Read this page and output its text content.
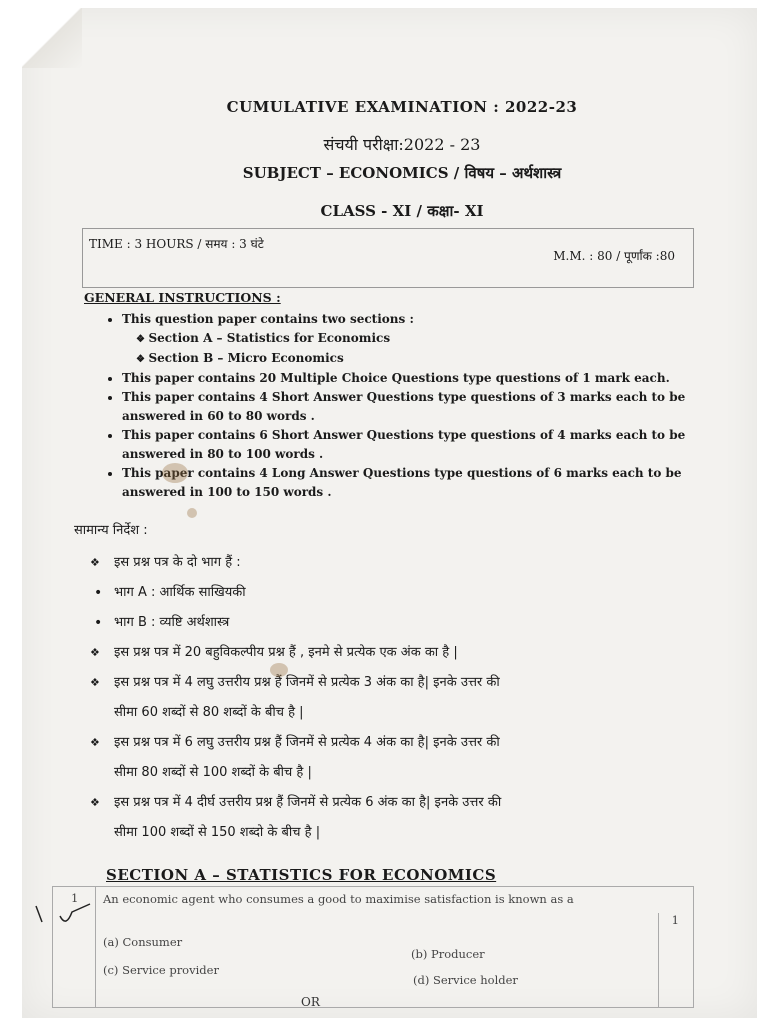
CUMULATIVE EXAMINATION : 2022-23
संचयी परीक्षा:2022 - 23
SUBJECT – ECONOMICS / विषय – अर्थशास्त्र
CLASS - XI / कक्षा- XI
TIME : 3 HOURS / समय : 3 घंटे
M.M. : 80 / पूर्णांक :80
GENERAL INSTRUCTIONS :
• This question paper contains two sections :
❖ Section A – Statistics for Economics
❖ Section B – Micro Economics
• This paper contains 20 Multiple Choice Questions type questions of 1 mark each.
• This paper contains 4 Short Answer Questions type questions of 3 marks each to be answered in 60 to 80 words .
• This paper contains 6 Short Answer Questions type questions of 4 marks each to be answered in 80 to 100 words .
• This paper contains 4 Long Answer Questions type questions of 6 marks each to be answered in 100 to 150 words .
सामान्य निर्देश :
❖ इस प्रश्न पत्र के दो भाग हैं :
• भाग A : आर्थिक साखियकी
• भाग B : व्यष्टि अर्थशास्त्र
❖ इस प्रश्न पत्र में 20 बहुविकल्पीय प्रश्न हैं , इनमे से प्रत्येक एक अंक का है |
❖ इस प्रश्न पत्र में 4 लघु उत्तरीय प्रश्न हैं जिनमें से प्रत्येक 3 अंक का है| इनके उत्तर की
सीमा 60 शब्दों से 80 शब्दों के बीच है |
❖ इस प्रश्न पत्र में 6 लघु उत्तरीय प्रश्न हैं जिनमें से प्रत्येक 4 अंक का है| इनके उत्तर की
सीमा 80 शब्दों से 100 शब्दों के बीच है |
❖ इस प्रश्न पत्र में 4 दीर्घ उत्तरीय प्रश्न हैं जिनमें से प्रत्येक 6 अंक का है| इनके उत्तर की
सीमा 100 शब्दों से 150 शब्दो के बीच है |
SECTION A – STATISTICS FOR ECONOMICS
1 An economic agent who consumes a good to maximise satisfaction is known as a
(a) Consumer
(b) Producer
(c) Service provider
(d) Service holder
OR
1
